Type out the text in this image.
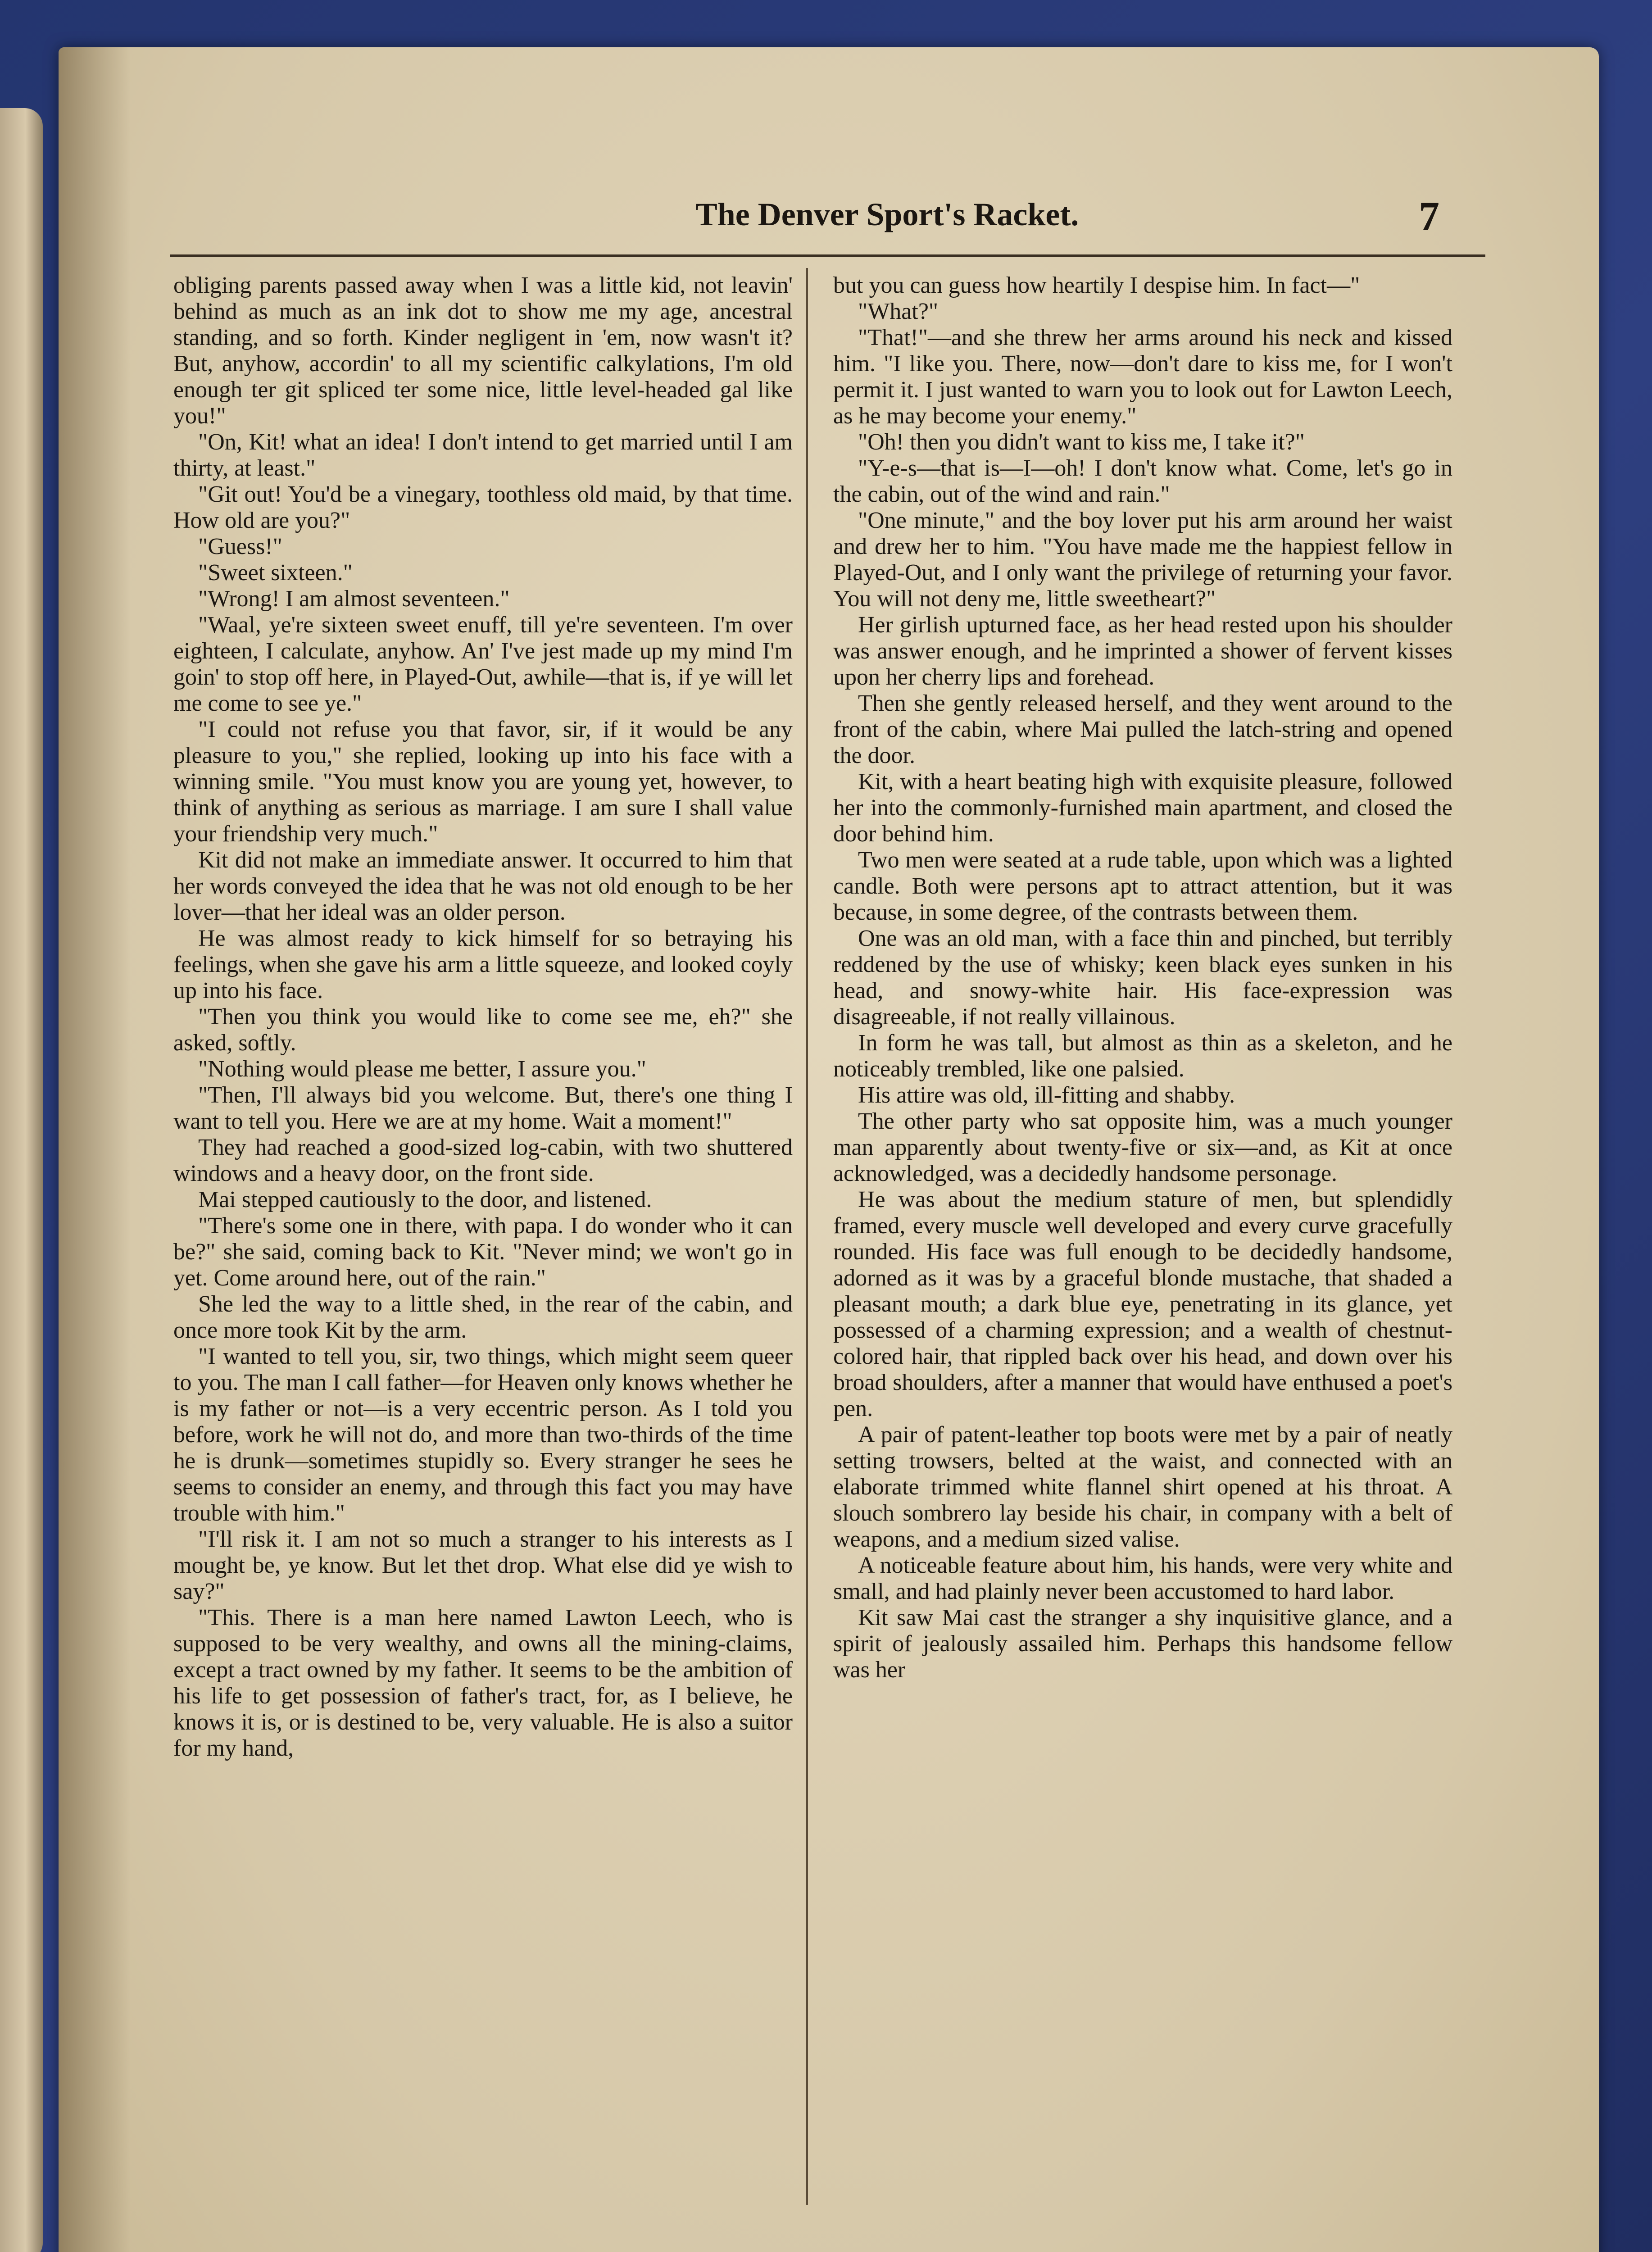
The Denver Sport's Racket.	7

obliging parents passed away when I was a little kid, not leavin' behind as much as an ink dot to show me my age, ancestral standing, and so forth. Kinder negligent in 'em, now wasn't it? But, anyhow, accordin' to all my scientific calkylations, I'm old enough ter git spliced ter some nice, little level-headed gal like you!"

"On, Kit! what an idea! I don't intend to get married until I am thirty, at least."

"Git out! You'd be a vinegary, toothless old maid, by that time. How old are you?"

"Guess!"

"Sweet sixteen."

"Wrong! I am almost seventeen."

"Waal, ye're sixteen sweet enuff, till ye're seventeen. I'm over eighteen, I calculate, anyhow. An' I've jest made up my mind I'm goin' to stop off here, in Played-Out, awhile—that is, if ye will let me come to see ye."

"I could not refuse you that favor, sir, if it would be any pleasure to you," she replied, looking up into his face with a winning smile. "You must know you are young yet, however, to think of anything as serious as marriage. I am sure I shall value your friendship very much."

Kit did not make an immediate answer. It occurred to him that her words conveyed the idea that he was not old enough to be her lover—that her ideal was an older person.

He was almost ready to kick himself for so betraying his feelings, when she gave his arm a little squeeze, and looked coyly up into his face.

"Then you think you would like to come see me, eh?" she asked, softly.

"Nothing would please me better, I assure you."

"Then, I'll always bid you welcome. But, there's one thing I want to tell you. Here we are at my home. Wait a moment!"

They had reached a good-sized log-cabin, with two shuttered windows and a heavy door, on the front side.

Mai stepped cautiously to the door, and listened.

"There's some one in there, with papa. I do wonder who it can be?" she said, coming back to Kit. "Never mind; we won't go in yet. Come around here, out of the rain."

She led the way to a little shed, in the rear of the cabin, and once more took Kit by the arm.

"I wanted to tell you, sir, two things, which might seem queer to you. The man I call father—for Heaven only knows whether he is my father or not—is a very eccentric person. As I told you before, work he will not do, and more than two-thirds of the time he is drunk—sometimes stupidly so. Every stranger he sees he seems to consider an enemy, and through this fact you may have trouble with him."

"I'll risk it. I am not so much a stranger to his interests as I mought be, ye know. But let thet drop. What else did ye wish to say?"

"This. There is a man here named Lawton Leech, who is supposed to be very wealthy, and owns all the mining-claims, except a tract owned by my father. It seems to be the ambition of his life to get possession of father's tract, for, as I believe, he knows it is, or is destined to be, very valuable. He is also a suitor for my hand,

but you can guess how heartily I despise him. In fact—"

"What?"

"That!"—and she threw her arms around his neck and kissed him. "I like you. There, now—don't dare to kiss me, for I won't permit it. I just wanted to warn you to look out for Lawton Leech, as he may become your enemy."

"Oh! then you didn't want to kiss me, I take it?"

"Y-e-s—that is—I—oh! I don't know what. Come, let's go in the cabin, out of the wind and rain."

"One minute," and the boy lover put his arm around her waist and drew her to him. "You have made me the happiest fellow in Played-Out, and I only want the privilege of returning your favor. You will not deny me, little sweetheart?"

Her girlish upturned face, as her head rested upon his shoulder was answer enough, and he imprinted a shower of fervent kisses upon her cherry lips and forehead.

Then she gently released herself, and they went around to the front of the cabin, where Mai pulled the latch-string and opened the door.

Kit, with a heart beating high with exquisite pleasure, followed her into the commonly-furnished main apartment, and closed the door behind him.

Two men were seated at a rude table, upon which was a lighted candle. Both were persons apt to attract attention, but it was because, in some degree, of the contrasts between them.

One was an old man, with a face thin and pinched, but terribly reddened by the use of whisky; keen black eyes sunken in his head, and snowy-white hair. His face-expression was disagreeable, if not really villainous.

In form he was tall, but almost as thin as a skeleton, and he noticeably trembled, like one palsied.

His attire was old, ill-fitting and shabby.

The other party who sat opposite him, was a much younger man apparently about twenty-five or six—and, as Kit at once acknowledged, was a decidedly handsome personage.

He was about the medium stature of men, but splendidly framed, every muscle well developed and every curve gracefully rounded. His face was full enough to be decidedly handsome, adorned as it was by a graceful blonde mustache, that shaded a pleasant mouth; a dark blue eye, penetrating in its glance, yet possessed of a charming expression; and a wealth of chestnut-colored hair, that rippled back over his head, and down over his broad shoulders, after a manner that would have enthused a poet's pen.

A pair of patent-leather top boots were met by a pair of neatly setting trowsers, belted at the waist, and connected with an elaborate trimmed white flannel shirt opened at his throat. A slouch sombrero lay beside his chair, in company with a belt of weapons, and a medium sized valise.

A noticeable feature about him, his hands, were very white and small, and had plainly never been accustomed to hard labor.

Kit saw Mai cast the stranger a shy inquisitive glance, and a spirit of jealously assailed him. Perhaps this handsome fellow was her
